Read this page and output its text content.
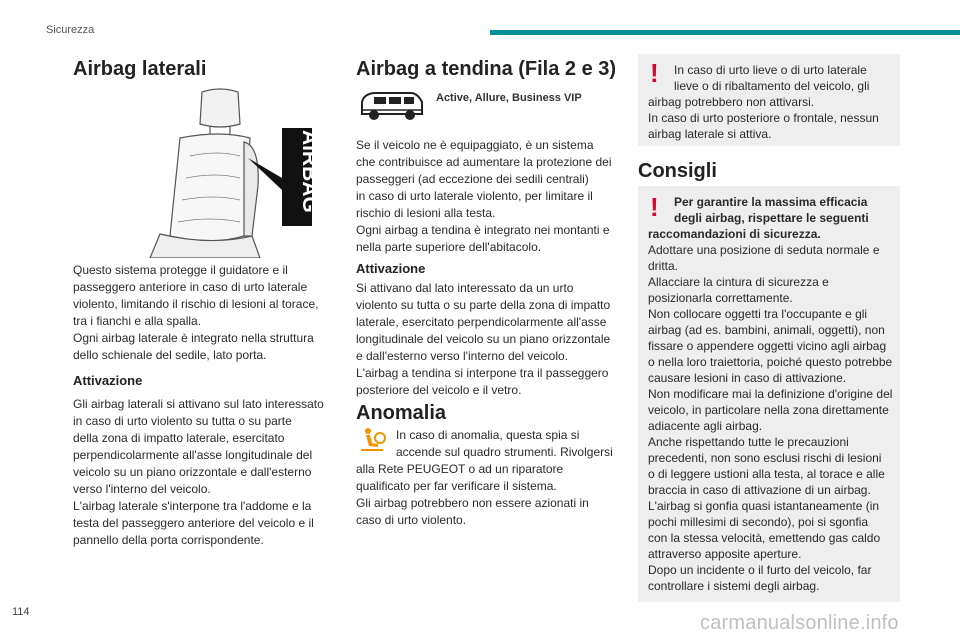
Sicurezza
Airbag laterali
AIRBAG

Questo sistema protegge il guidatore e il
passeggero anteriore in caso di urto laterale
violento, limitando il rischio di lesioni al torace,
tra i fianchi e alla spalla.
Ogni airbag laterale è integrato nella struttura
dello schienale del sedile, lato porta.

Attivazione

Gli airbag laterali si attivano sul lato interessato
in caso di urto violento su tutta o su parte
della zona di impatto laterale, esercitato
perpendicolarmente all'asse longitudinale del
veicolo su un piano orizzontale e dall'esterno
verso l'interno del veicolo.
L'airbag laterale s'interpone tra l'addome e la
testa del passeggero anteriore del veicolo e il
pannello della porta corrispondente.

Airbag a tendina (Fila 2 e 3)
Active, Allure, Business VIP

Se il veicolo ne è equipaggiato, è un sistema
che contribuisce ad aumentare la protezione dei
passeggeri (ad eccezione dei sedili centrali)
in caso di urto laterale violento, per limitare il
rischio di lesioni alla testa.
Ogni airbag a tendina è integrato nei montanti e
nella parte superiore dell'abitacolo.

Attivazione

Si attivano dal lato interessato da un urto
violento su tutta o su parte della zona di impatto
laterale, esercitato perpendicolarmente all'asse
longitudinale del veicolo su un piano orizzontale
e dall'esterno verso l'interno del veicolo.
L'airbag a tendina si interpone tra il passeggero
posteriore del veicolo e il vetro.

Anomalia

In caso di anomalia, questa spia si
accende sul quadro strumenti. Rivolgersi

alla Rete PEUGEOT o ad un riparatore
qualificato per far verificare il sistema.
Gli airbag potrebbero non essere azionati in
caso di urto violento.

! In caso di urto lieve o di urto laterale
lieve o di ribaltamento del veicolo, gli

airbag potrebbero non attivarsi.
In caso di urto posteriore o frontale, nessun
airbag laterale si attiva.

Consigli
! Per garantire la massima efficacia
degli airbag, rispettare le seguenti

raccomandazioni di sicurezza.

Adottare una posizione di seduta normale e
dritta.
Allacciare la cintura di sicurezza e
posizionarla correttamente.
Non collocare oggetti tra l'occupante e gli
airbag (ad es. bambini, animali, oggetti), non
fissare o appendere oggetti vicino agli airbag
o nella loro traiettoria, poiché questo potrebbe
causare lesioni in caso di attivazione.
Non modificare mai la definizione d'origine del
veicolo, in particolare nella zona direttamente
adiacente agli airbag.
Anche rispettando tutte le precauzioni
precedenti, non sono esclusi rischi di lesioni
o di leggere ustioni alla testa, al torace e alle
braccia in caso di attivazione di un airbag.
L'airbag si gonfia quasi istantaneamente (in
pochi millesimi di secondo), poi si sgonfia
con la stessa velocità, emettendo gas caldo
attraverso apposite aperture.
Dopo un incidente o il furto del veicolo, far
controllare i sistemi degli airbag.

114	carmanualsonline.info
